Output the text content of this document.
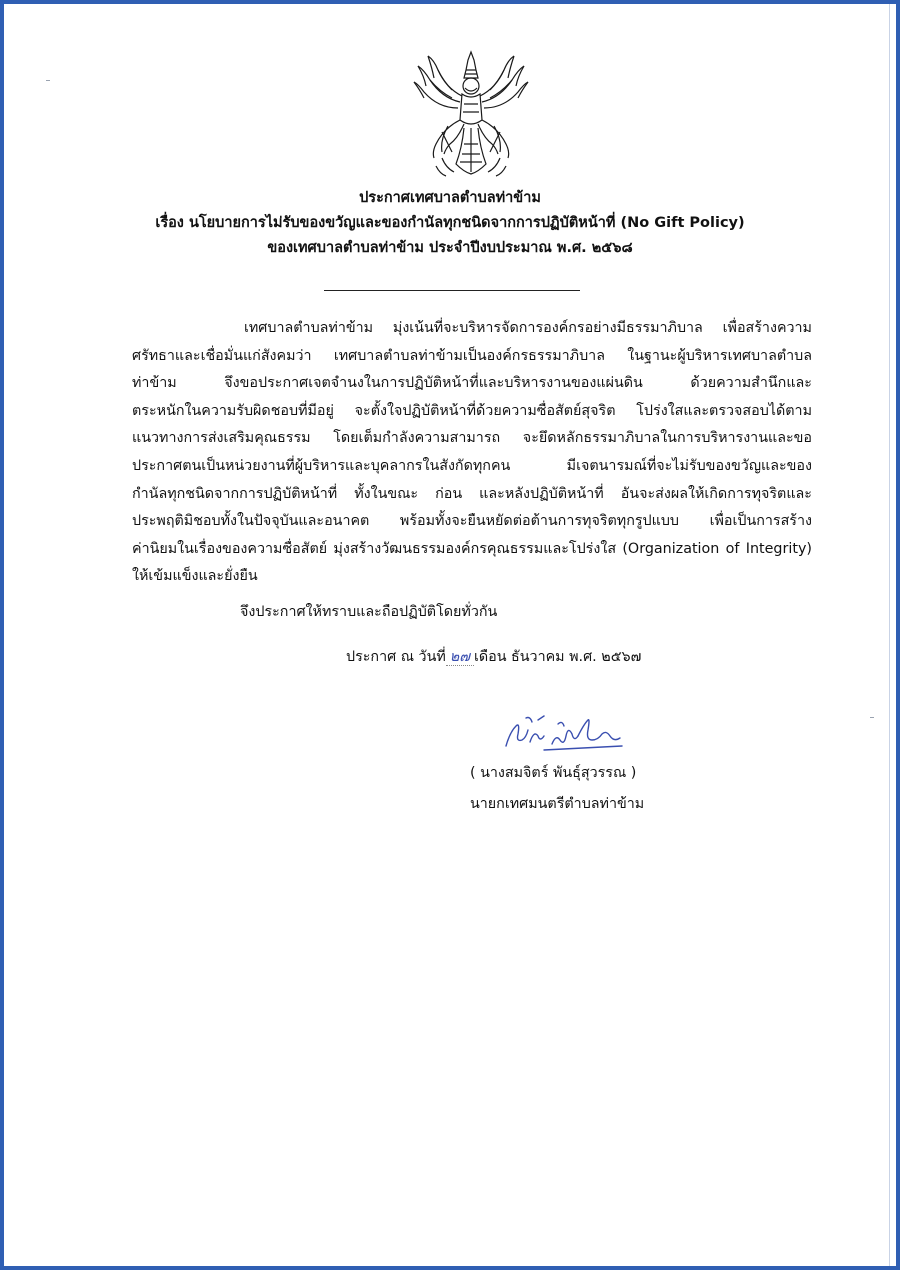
ประกาศเทศบาลตำบลท่าข้าม
เรื่อง นโยบายการไม่รับของขวัญและของกำนัลทุกชนิดจากการปฏิบัติหน้าที่ (No Gift Policy)
ของเทศบาลตำบลท่าข้าม ประจำปีงบประมาณ พ.ศ. ๒๕๖๘
เทศบาลตำบลท่าข้าม มุ่งเน้นที่จะบริหารจัดการองค์กรอย่างมีธรรมาภิบาล เพื่อสร้างความ
ศรัทธาและเชื่อมั่นแก่สังคมว่า เทศบาลตำบลท่าข้ามเป็นองค์กรธรรมาภิบาล ในฐานะผู้บริหารเทศบาลตำบล
ท่าข้าม จึงขอประกาศเจตจำนงในการปฏิบัติหน้าที่และบริหารงานของแผ่นดิน ด้วยความสำนึกและ
ตระหนักในความรับผิดชอบที่มีอยู่ จะตั้งใจปฏิบัติหน้าที่ด้วยความซื่อสัตย์สุจริต โปร่งใสและตรวจสอบได้ตาม
แนวทางการส่งเสริมคุณธรรม โดยเต็มกำลังความสามารถ จะยึดหลักธรรมาภิบาลในการบริหารงานและขอ
ประกาศตนเป็นหน่วยงานที่ผู้บริหารและบุคลากรในสังกัดทุกคน มีเจตนารมณ์ที่จะไม่รับของขวัญและของ
กำนัลทุกชนิดจากการปฏิบัติหน้าที่ ทั้งในขณะ ก่อน และหลังปฏิบัติหน้าที่ อันจะส่งผลให้เกิดการทุจริตและ
ประพฤติมิชอบทั้งในปัจจุบันและอนาคต พร้อมทั้งจะยืนหยัดต่อต้านการทุจริตทุกรูปแบบ เพื่อเป็นการสร้าง
ค่านิยมในเรื่องของความซื่อสัตย์ มุ่งสร้างวัฒนธรรมองค์กรคุณธรรมและโปร่งใส (Organization of Integrity)
ให้เข้มแข็งและยั่งยืน
จึงประกาศให้ทราบและถือปฏิบัติโดยทั่วกัน
ประกาศ ณ วันที่ ๒๗ เดือน ธันวาคม พ.ศ. ๒๕๖๗
( นางสมจิตร์ พันธุ์สุวรรณ )
นายกเทศมนตรีตำบลท่าข้าม
